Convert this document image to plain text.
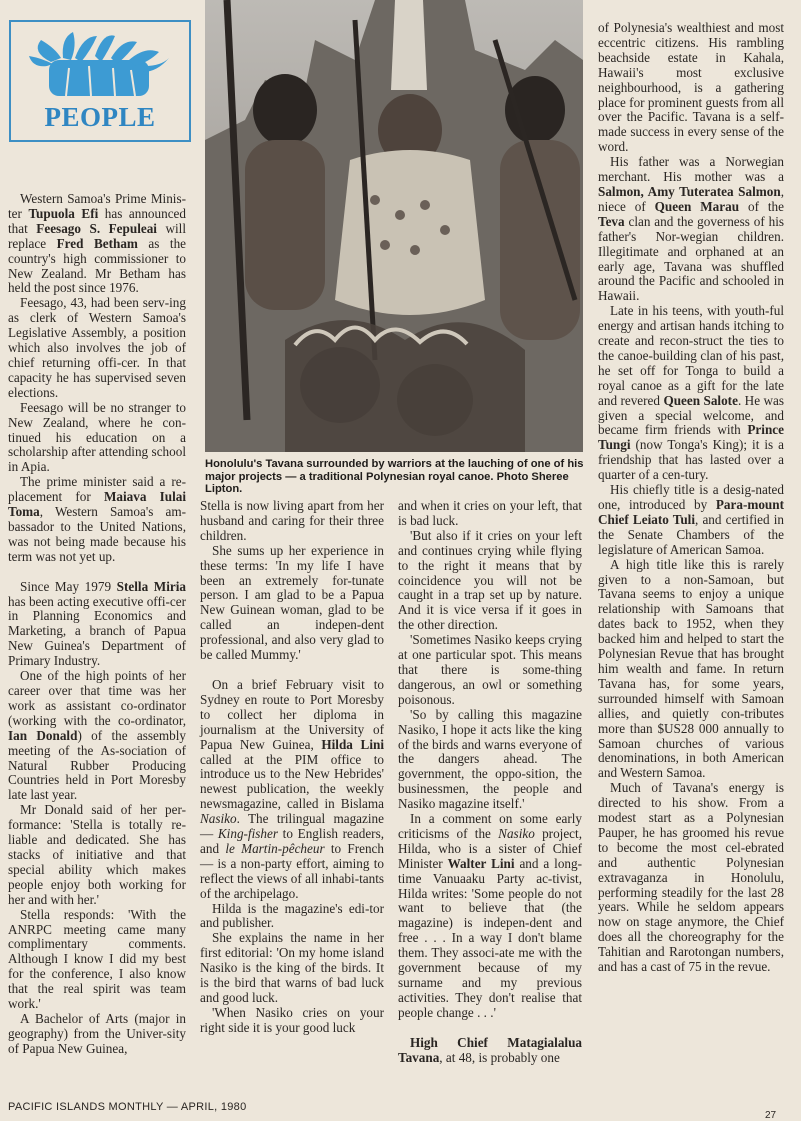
PEOPLE
Honolulu's Tavana surrounded by warriors at the lauching of one of his major projects — a traditional Polynesian royal canoe. Photo Sheree Lipton.

Western Samoa's Prime Minis-ter Tupuola Efi has announced that Feesago S. Fepuleai will replace Fred Betham as the country's high commissioner to New Zealand. Mr Betham has held the post since 1976.

Feesago, 43, had been serv-ing as clerk of Western Samoa's Legislative Assembly, a position which also involves the job of chief returning offi-cer. In that capacity he has supervised seven elections.

Feesago will be no stranger to New Zealand, where he con-tinued his education on a scholarship after attending school in Apia.

The prime minister said a re-placement for Maiava Iulai Toma, Western Samoa's am-bassador to the United Nations, was not being made because his term was not yet up.

Since May 1979 Stella Miria has been acting executive offi-cer in Planning Economics and Marketing, a branch of Papua New Guinea's Department of Primary Industry.

One of the high points of her career over that time was her work as assistant co-ordinator (working with the co-ordinator, Ian Donald) of the assembly meeting of the As-sociation of Natural Rubber Producing Countries held in Port Moresby late last year.

Mr Donald said of her per-formance: 'Stella is totally re-liable and dedicated. She has stacks of initiative and that special ability which makes people enjoy both working for her and with her.'

Stella responds: 'With the ANRPC meeting came many complimentary comments. Although I know I did my best for the conference, I also know that the real spirit was team work.'

A Bachelor of Arts (major in geography) from the Univer-sity of Papua New Guinea,

Stella is now living apart from her husband and caring for their three children.

She sums up her experience in these terms: 'In my life I have been an extremely for-tunate person. I am glad to be a Papua New Guinean woman, glad to be called an indepen-dent professional, and also very glad to be called Mummy.'

On a brief February visit to Sydney en route to Port Moresby to collect her diploma in journalism at the University of Papua New Guinea, Hilda Lini called at the PIM office to introduce us to the New Hebrides' newest publication, the weekly newsmagazine, called in Bislama Nasiko. The trilingual magazine — King-fisher to English readers, and le Martin-pêcheur to French — is a non-party effort, aiming to reflect the views of all inhabi-tants of the archipelago.

Hilda is the magazine's edi-tor and publisher.

She explains the name in her first editorial: 'On my home island Nasiko is the king of the birds. It is the bird that warns of bad luck and good luck.

'When Nasiko cries on your right side it is your good luck

and when it cries on your left, that is bad luck.

'But also if it cries on your left and continues crying while flying to the right it means that by coincidence you will not be caught in a trap set up by nature. And it is vice versa if it goes in the other direction.

'Sometimes Nasiko keeps crying at one particular spot. This means that there is some-thing dangerous, an owl or something poisonous.

'So by calling this magazine Nasiko, I hope it acts like the king of the birds and warns everyone of the dangers ahead. The government, the oppo-sition, the businessmen, the people and Nasiko magazine itself.'

In a comment on some early criticisms of the Nasiko project, Hilda, who is a sister of Chief Minister Walter Lini and a long-time Vanuaaku Party ac-tivist, Hilda writes: 'Some people do not want to believe that (the magazine) is indepen-dent and free . . . In a way I don't blame them. They associ-ate me with the government because of my surname and my previous activities. They don't realise that people change . . .'

High Chief Matagialalua Tavana, at 48, is probably one

of Polynesia's wealthiest and most eccentric citizens. His rambling beachside estate in Kahala, Hawaii's most exclusive neighbourhood, is a gathering place for prominent guests from all over the Pacific. Tavana is a self-made success in every sense of the word.

His father was a Norwegian merchant. His mother was a Salmon, Amy Tuteratea Salmon, niece of Queen Marau of the Teva clan and the governess of his father's Nor-wegian children. Illegitimate and orphaned at an early age, Tavana was shuffled around the Pacific and schooled in Hawaii.

Late in his teens, with youth-ful energy and artisan hands itching to create and recon-struct the ties to the canoe-building clan of his past, he set off for Tonga to build a royal canoe as a gift for the late and revered Queen Salote. He was given a special welcome, and became firm friends with Prince Tungi (now Tonga's King); it is a friendship that has lasted over a quarter of a cen-tury.

His chiefly title is a desig-nated one, introduced by Para-mount Chief Leiato Tuli, and certified in the Senate Chambers of the legislature of American Samoa.

A high title like this is rarely given to a non-Samoan, but Tavana seems to enjoy a unique relationship with Samoans that dates back to 1952, when they backed him and helped to start the Polynesian Revue that has brought him wealth and fame. In return Tavana has, for some years, surrounded himself with Samoan allies, and quietly con-tributes more than $US28 000 annually to Samoan churches of various denominations, in both American and Western Samoa.

Much of Tavana's energy is directed to his show. From a modest start as a Polynesian Pauper, he has groomed his revue to become the most cel-ebrated and authentic Polynesian extravaganza in Honolulu, performing steadily for the last 28 years. While he seldom appears now on stage anymore, the Chief does all the choreography for the Tahitian and Rarotongan numbers, and has a cast of 75 in the revue.

PACIFIC ISLANDS MONTHLY — APRIL, 1980
27
